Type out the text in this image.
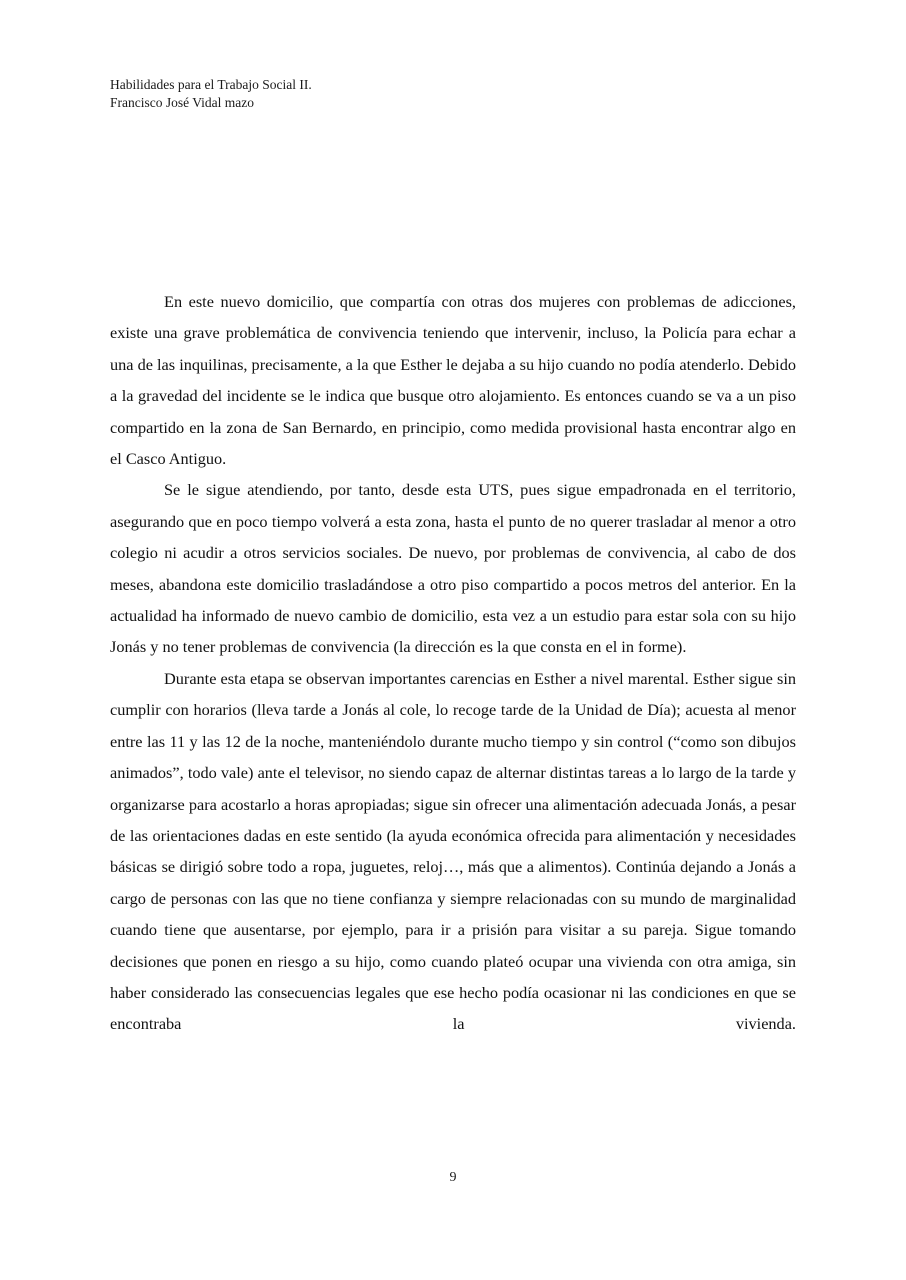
Habilidades para el Trabajo Social II.
Francisco José Vidal mazo

En este nuevo domicilio, que compartía con otras dos mujeres con problemas de adicciones, existe una grave problemática de convivencia teniendo que intervenir, incluso, la Policía para echar a una de las inquilinas, precisamente, a la que Esther le dejaba a su hijo cuando no podía atenderlo. Debido a la gravedad del incidente se le indica que busque otro alojamiento. Es entonces cuando se va a un piso compartido en la zona de San Bernardo, en principio, como medida provisional hasta encontrar algo en el Casco Antiguo.

Se le sigue atendiendo, por tanto, desde esta UTS, pues sigue empadronada en el territorio, asegurando que en poco tiempo volverá a esta zona, hasta el punto de no querer trasladar al menor a otro colegio ni acudir a otros servicios sociales. De nuevo, por problemas de convivencia, al cabo de dos meses, abandona este domicilio trasladándose a otro piso compartido a pocos metros del anterior. En la actualidad ha informado de nuevo cambio de domicilio, esta vez a un estudio para estar sola con su hijo Jonás y no tener problemas de convivencia (la dirección es la que consta en el in forme).

Durante esta etapa se observan importantes carencias en Esther a nivel marental. Esther sigue sin cumplir con horarios (lleva tarde a Jonás al cole, lo recoge tarde de la Unidad de Día); acuesta al menor entre las 11 y las 12 de la noche, manteniéndolo durante mucho tiempo y sin control (“como son dibujos animados”, todo vale) ante el televisor, no siendo capaz de alternar distintas tareas a lo largo de la tarde y organizarse para acostarlo a horas apropiadas; sigue sin ofrecer una alimentación adecuada Jonás, a pesar de las orientaciones dadas en este sentido (la ayuda económica ofrecida para alimentación y necesidades básicas se dirigió sobre todo a ropa, juguetes, reloj…, más que a alimentos). Continúa dejando a Jonás a cargo de personas con las que no tiene confianza y siempre relacionadas con su mundo de marginalidad cuando tiene que ausentarse, por ejemplo, para ir a prisión para visitar a su pareja. Sigue tomando decisiones que ponen en riesgo a su hijo, como cuando plateó ocupar una vivienda con otra amiga, sin haber considerado las consecuencias legales que ese hecho podía ocasionar ni las condiciones en que se encontraba la vivienda.

9
